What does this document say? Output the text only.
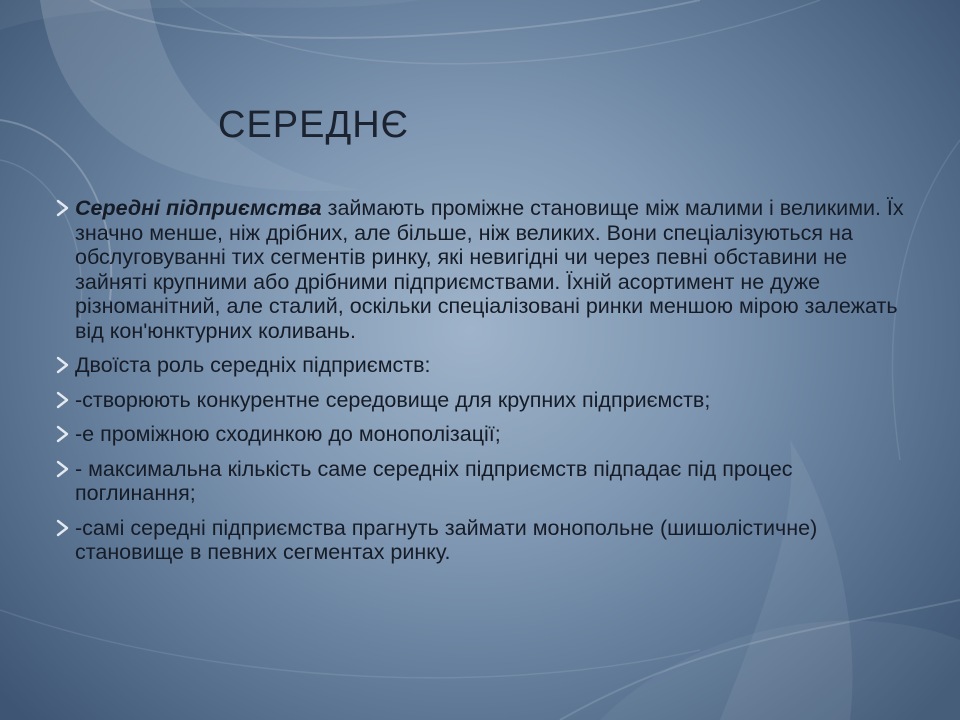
СЕРЕДНЄ
Середні підприємства займають проміжне становище між малими і великими. Їх значно менше, ніж дрібних, але більше, ніж великих. Вони спеціалізуються на обслуговуванні тих сегментів ринку, які невигідні чи через певні обставини не зайняті крупними або дрібними підприємствами. Їхній асортимент не дуже різноманітний, але сталий, оскільки спеціалізовані ринки меншою мірою залежать від кон'юнктурних коливань.
Двоїста роль середніх підприємств:
-створюють конкурентне середовище для крупних підприємств;
-е проміжною сходинкою до монополізації;
- максимальна кількість саме середніх підприємств підпадає під процес поглинання;
-самі середні підприємства прагнуть займати монопольне (шишолістичне) становище в певних сегментах ринку.
